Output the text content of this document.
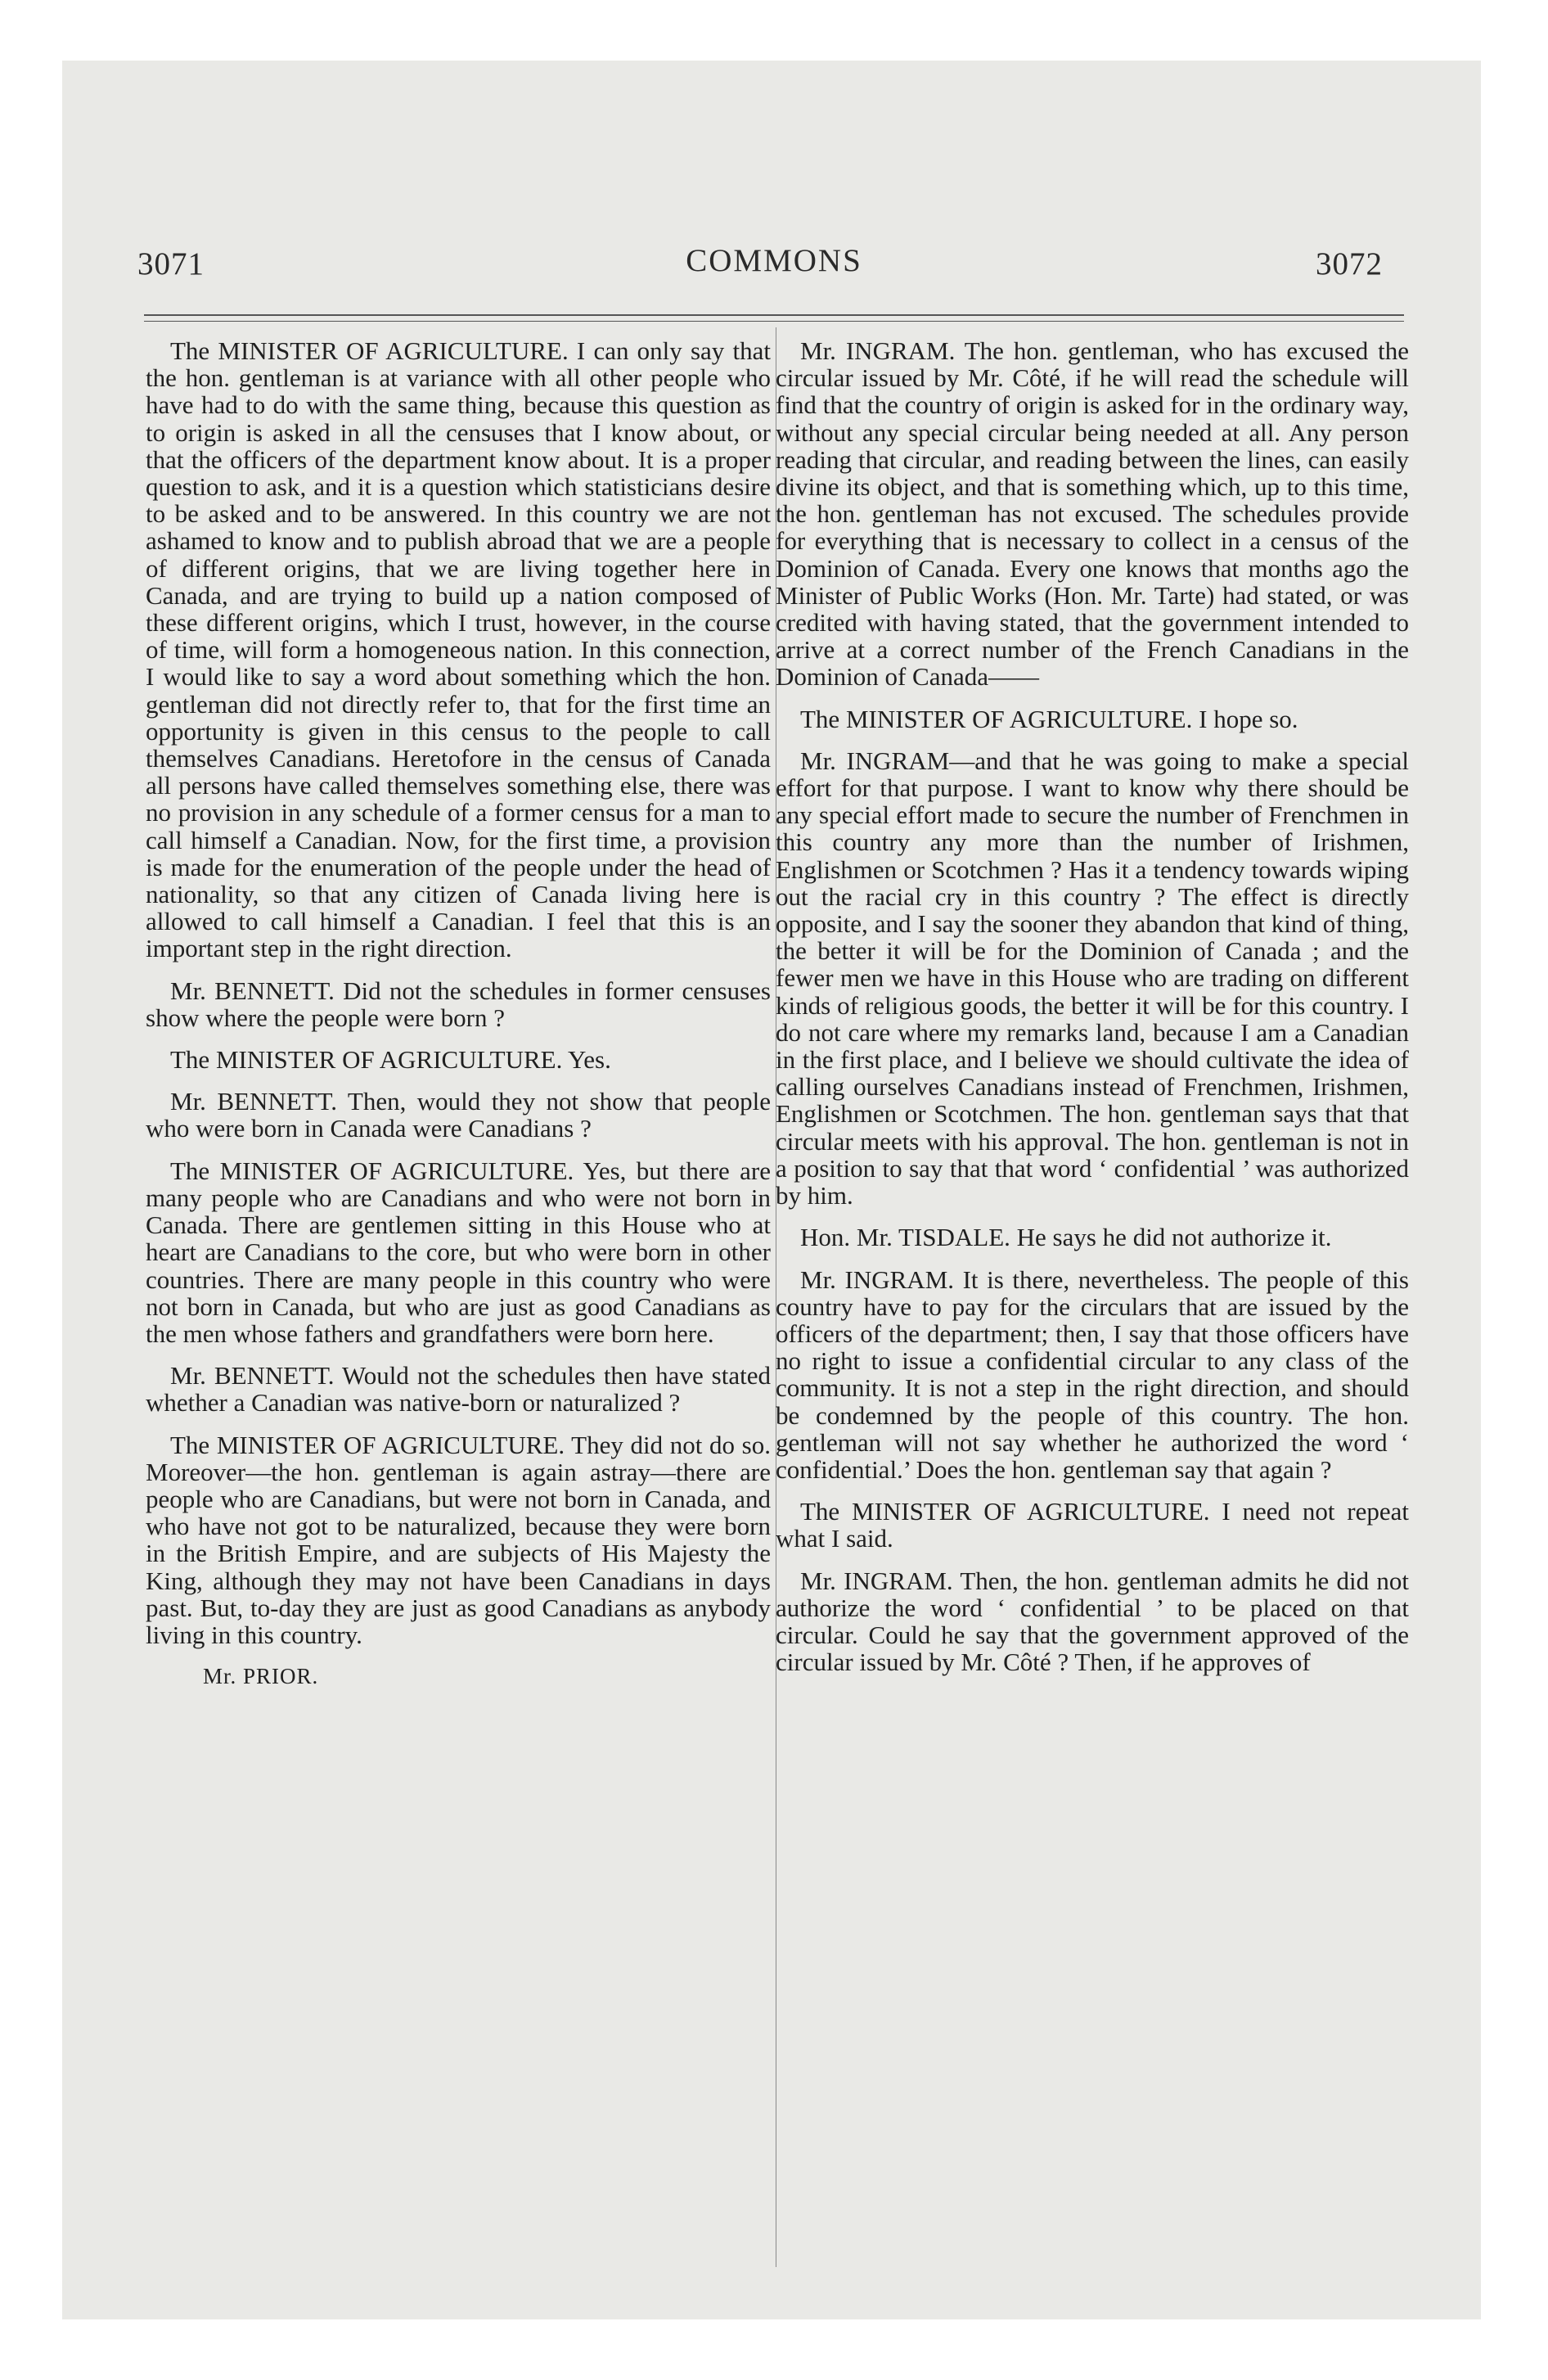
3071	COMMONS	3072

The MINISTER OF AGRICULTURE. I can only say that the hon. gentleman is at variance with all other people who have had to do with the same thing, because this question as to origin is asked in all the censuses that I know about, or that the officers of the department know about. It is a proper question to ask, and it is a question which statisticians desire to be asked and to be answered. In this country we are not ashamed to know and to publish abroad that we are a people of different origins, that we are living together here in Canada, and are trying to build up a nation composed of these different origins, which I trust, however, in the course of time, will form a homogeneous nation. In this connection, I would like to say a word about something which the hon. gentleman did not directly refer to, that for the first time an opportunity is given in this census to the people to call themselves Canadians. Heretofore in the census of Canada all persons have called themselves something else, there was no provision in any schedule of a former census for a man to call himself a Canadian. Now, for the first time, a provision is made for the enumeration of the people under the head of nationality, so that any citizen of Canada living here is allowed to call himself a Canadian. I feel that this is an important step in the right direction.

Mr. BENNETT. Did not the schedules in former censuses show where the people were born ?

The MINISTER OF AGRICULTURE. Yes.

Mr. BENNETT. Then, would they not show that people who were born in Canada were Canadians ?

The MINISTER OF AGRICULTURE. Yes, but there are many people who are Canadians and who were not born in Canada. There are gentlemen sitting in this House who at heart are Canadians to the core, but who were born in other countries. There are many people in this country who were not born in Canada, but who are just as good Canadians as the men whose fathers and grandfathers were born here.

Mr. BENNETT. Would not the schedules then have stated whether a Canadian was native-born or naturalized ?

The MINISTER OF AGRICULTURE. They did not do so. Moreover—the hon. gentleman is again astray—there are people who are Canadians, but were not born in Canada, and who have not got to be naturalized, because they were born in the British Empire, and are subjects of His Majesty the King, although they may not have been Canadians in days past. But, to-day they are just as good Canadians as anybody living in this country.

Mr. PRIOR.

Mr. INGRAM. The hon. gentleman, who has excused the circular issued by Mr. Côté, if he will read the schedule will find that the country of origin is asked for in the ordinary way, without any special circular being needed at all. Any person reading that circular, and reading between the lines, can easily divine its object, and that is something which, up to this time, the hon. gentleman has not excused. The schedules provide for everything that is necessary to collect in a census of the Dominion of Canada. Every one knows that months ago the Minister of Public Works (Hon. Mr. Tarte) had stated, or was credited with having stated, that the government intended to arrive at a correct number of the French Canadians in the Dominion of Canada——

The MINISTER OF AGRICULTURE. I hope so.

Mr. INGRAM—and that he was going to make a special effort for that purpose. I want to know why there should be any special effort made to secure the number of Frenchmen in this country any more than the number of Irishmen, Englishmen or Scotchmen ? Has it a tendency towards wiping out the racial cry in this country ? The effect is directly opposite, and I say the sooner they abandon that kind of thing, the better it will be for the Dominion of Canada ; and the fewer men we have in this House who are trading on different kinds of religious goods, the better it will be for this country. I do not care where my remarks land, because I am a Canadian in the first place, and I believe we should cultivate the idea of calling ourselves Canadians instead of Frenchmen, Irishmen, Englishmen or Scotchmen. The hon. gentleman says that that circular meets with his approval. The hon. gentleman is not in a position to say that that word ‘ confidential ’ was authorized by him.

Hon. Mr. TISDALE. He says he did not authorize it.

Mr. INGRAM. It is there, nevertheless. The people of this country have to pay for the circulars that are issued by the officers of the department; then, I say that those officers have no right to issue a confidential circular to any class of the community. It is not a step in the right direction, and should be condemned by the people of this country. The hon. gentleman will not say whether he authorized the word ‘ confidential.’ Does the hon. gentleman say that again ?

The MINISTER OF AGRICULTURE. I need not repeat what I said.

Mr. INGRAM. Then, the hon. gentleman admits he did not authorize the word ‘ confidential ’ to be placed on that circular. Could he say that the government approved of the circular issued by Mr. Côté ? Then, if he approves of
